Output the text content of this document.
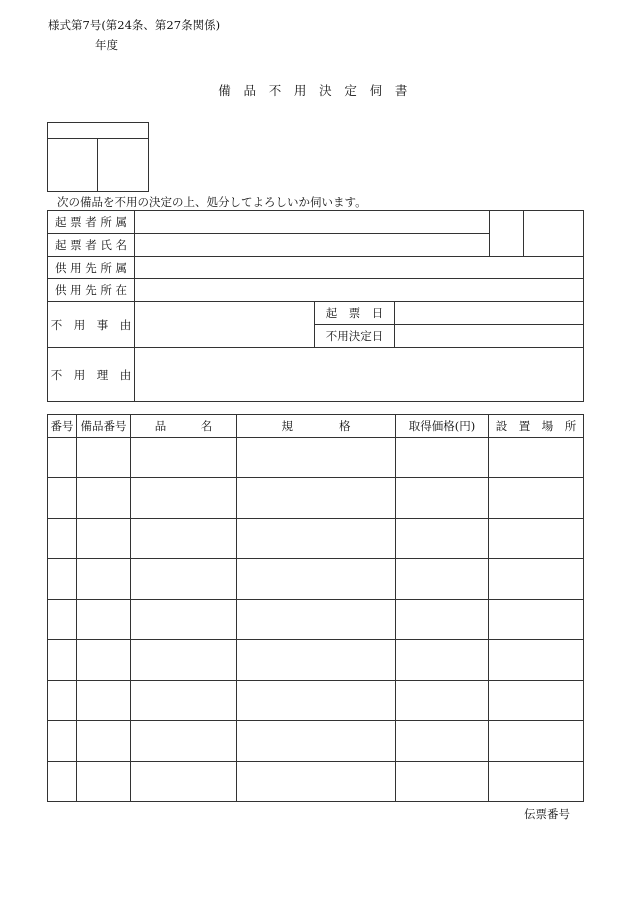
様式第7号(第24条、第27条関係)
年度
備 品 不 用 決 定 伺 書
次の備品を不用の決定の上、処分してよろしいか伺います。
起 票 者 所 属
起 票 者 氏 名
供 用 先 所 属
供 用 先 所 在
不　用　事　由
不　用　理　由
起　票　日
不用決定日
番号 備品番号	品　　　名	規　　　　格	取得価格(円)	設　置　場　所
伝票番号
